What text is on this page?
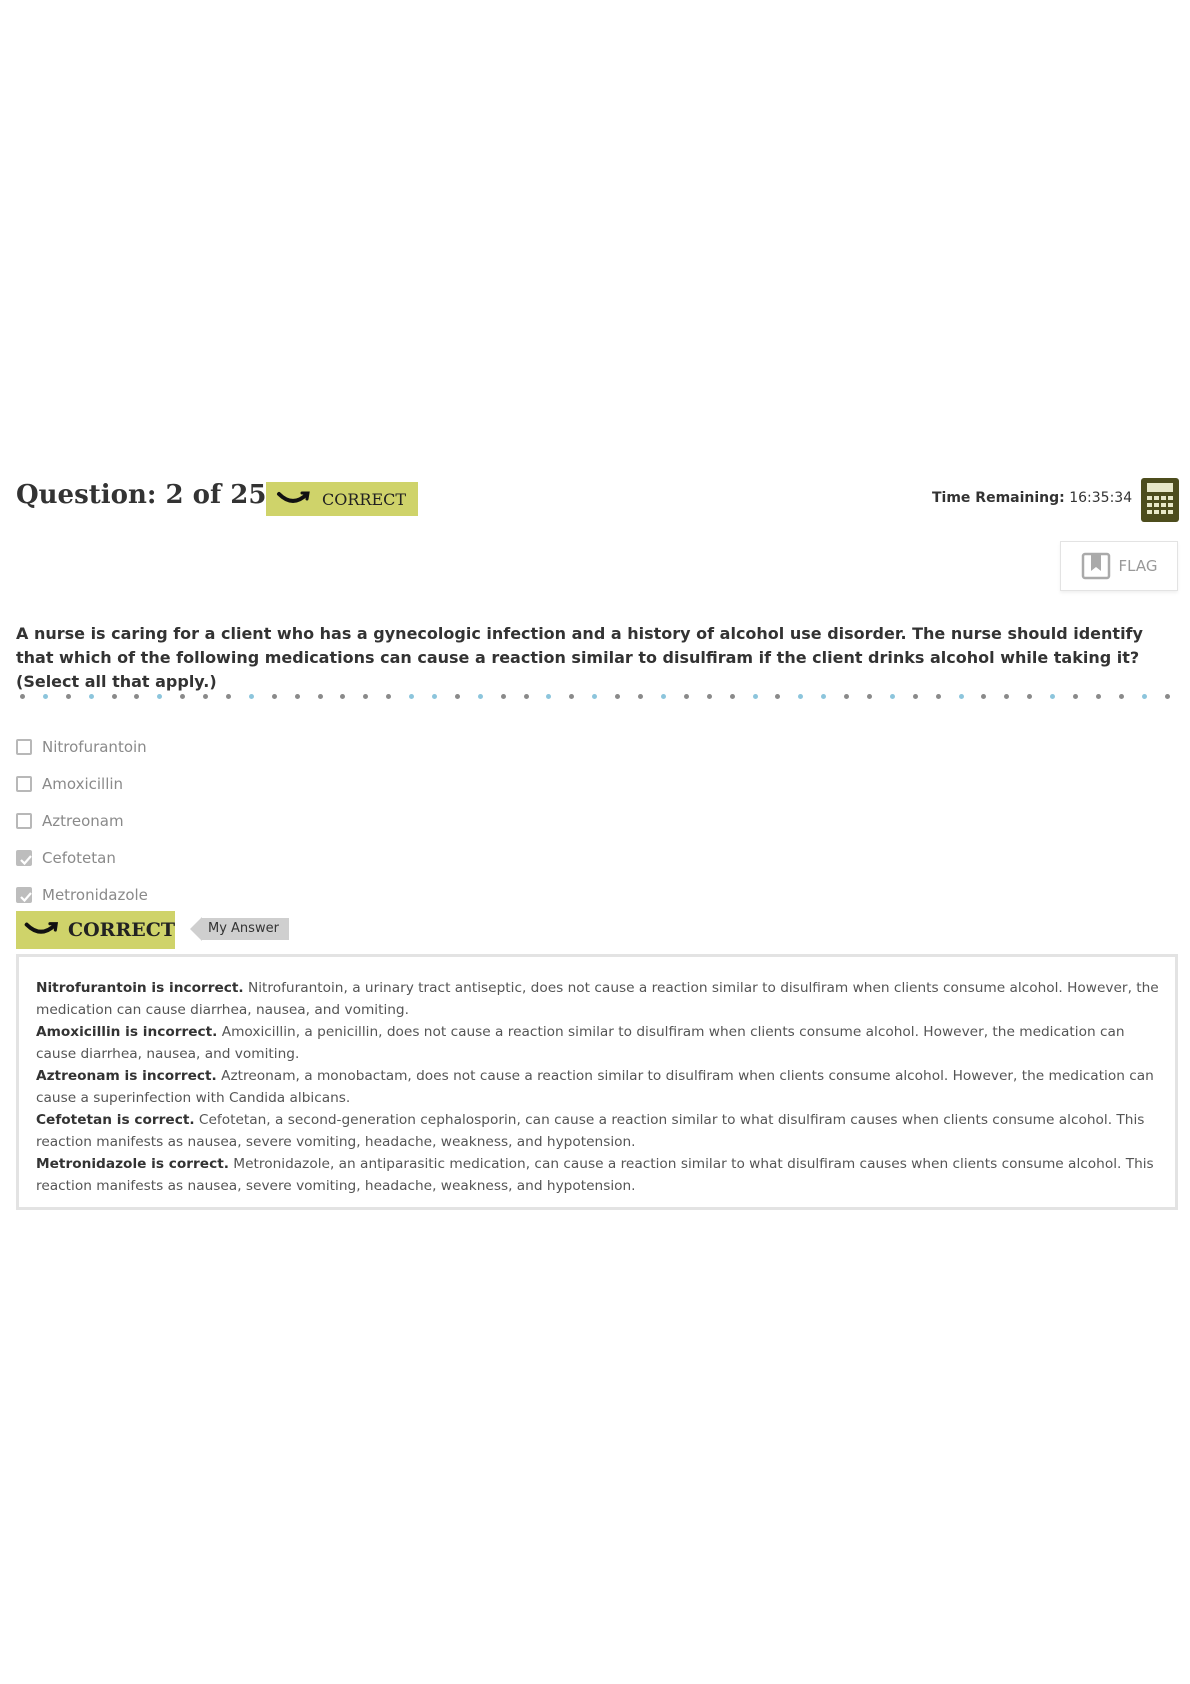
Question: 2 of 25	CORRECT	Time Remaining: 16:35:34
FLAG

A nurse is caring for a client who has a gynecologic infection and a history of alcohol use disorder. The nurse should identify that which of the following medications can cause a reaction similar to disulfiram if the client drinks alcohol while taking it? (Select all that apply.)

Nitrofurantoin
Amoxicillin
Aztreonam
Cefotetan
Metronidazole
CORRECT	My Answer

Nitrofurantoin is incorrect. Nitrofurantoin, a urinary tract antiseptic, does not cause a reaction similar to disulfiram when clients consume alcohol. However, the medication can cause diarrhea, nausea, and vomiting.

Amoxicillin is incorrect. Amoxicillin, a penicillin, does not cause a reaction similar to disulfiram when clients consume alcohol. However, the medication can cause diarrhea, nausea, and vomiting.

Aztreonam is incorrect. Aztreonam, a monobactam, does not cause a reaction similar to disulfiram when clients consume alcohol. However, the medication can cause a superinfection with Candida albicans.

Cefotetan is correct. Cefotetan, a second-generation cephalosporin, can cause a reaction similar to what disulfiram causes when clients consume alcohol. This reaction manifests as nausea, severe vomiting, headache, weakness, and hypotension.

Metronidazole is correct. Metronidazole, an antiparasitic medication, can cause a reaction similar to what disulfiram causes when clients consume alcohol. This reaction manifests as nausea, severe vomiting, headache, weakness, and hypotension.
